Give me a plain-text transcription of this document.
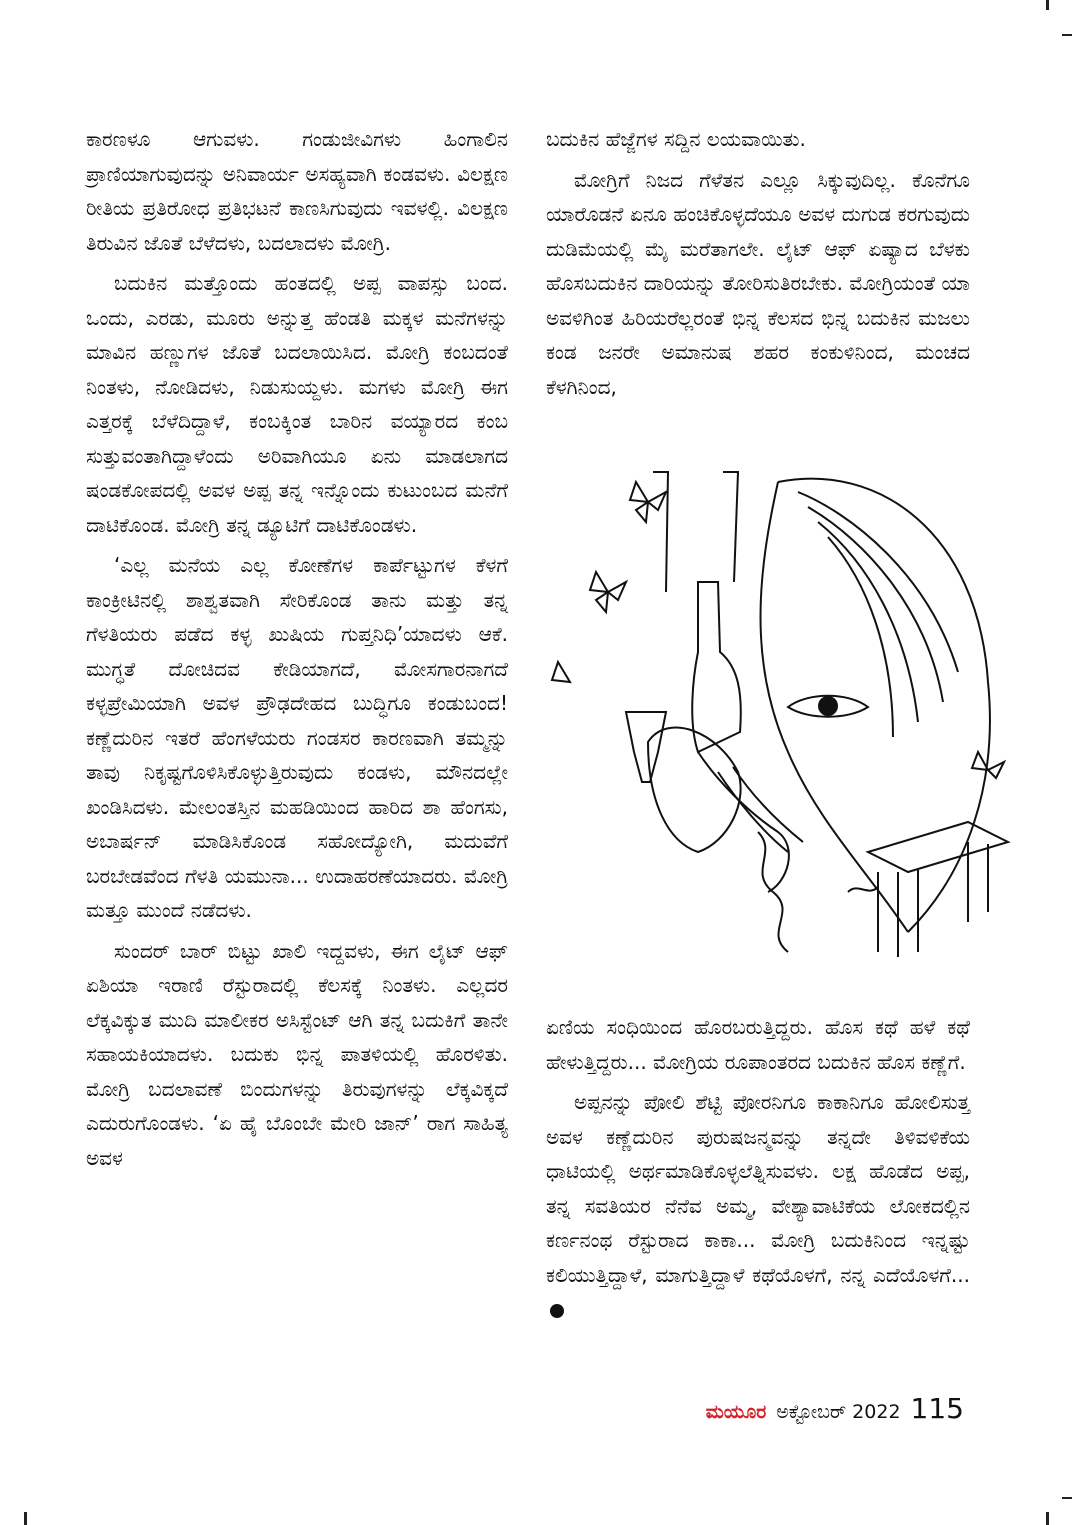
ಕಾರಣಳೂ ಆಗುವಳು. ಗಂಡುಜೀವಿಗಳು ಹಿಂಗಾಲಿನ ಪ್ರಾಣಿಯಾಗುವುದನ್ನು ಅನಿವಾರ್ಯ ಅಸಹ್ಯವಾಗಿ ಕಂಡವಳು. ವಿಲಕ್ಷಣ ರೀತಿಯ ಪ್ರತಿರೋಧ ಪ್ರತಿಭಟನೆ ಕಾಣಸಿಗುವುದು ಇವಳಲ್ಲಿ. ವಿಲಕ್ಷಣ ತಿರುವಿನ ಜೊತೆ ಬೆಳೆದಳು, ಬದಲಾದಳು ಮೋಗ್ರಿ.

ಬದುಕಿನ ಮತ್ತೊಂದು ಹಂತದಲ್ಲಿ ಅಪ್ಪ ವಾಪಸ್ಸು ಬಂದ. ಒಂದು, ಎರಡು, ಮೂರು ಅನ್ನುತ್ತ ಹೆಂಡತಿ ಮಕ್ಕಳ ಮನೆಗಳನ್ನು ಮಾವಿನ ಹಣ್ಣುಗಳ ಜೊತೆ ಬದಲಾಯಿಸಿದ. ಮೋಗ್ರಿ ಕಂಬದಂತೆ ನಿಂತಳು, ನೋಡಿದಳು, ನಿಡುಸುಯ್ದಳು. ಮಗಳು ಮೋಗ್ರಿ ಈಗ ಎತ್ತರಕ್ಕೆ ಬೆಳೆದಿದ್ದಾಳೆ, ಕಂಬಕ್ಕಿಂತ ಬಾರಿನ ವಯ್ಯಾರದ ಕಂಬ ಸುತ್ತುವಂತಾಗಿದ್ದಾಳೆಂದು ಅರಿವಾಗಿಯೂ ಏನು ಮಾಡಲಾಗದ ಷಂಡಕೋಪದಲ್ಲಿ ಅವಳ ಅಪ್ಪ ತನ್ನ ಇನ್ನೊಂದು ಕುಟುಂಬದ ಮನೆಗೆ ದಾಟಿಕೊಂಡ. ಮೋಗ್ರಿ ತನ್ನ ಡ್ಯೂಟಿಗೆ ದಾಟಿಕೊಂಡಳು.

‘ಎಲ್ಲ ಮನೆಯ ಎಲ್ಲ ಕೋಣೆಗಳ ಕಾರ್ಪೆಟ್ಟುಗಳ ಕೆಳಗೆ ಕಾಂಕ್ರೀಟಿನಲ್ಲಿ ಶಾಶ್ವತವಾಗಿ ಸೇರಿಕೊಂಡ ತಾನು ಮತ್ತು ತನ್ನ ಗೆಳತಿಯರು ಪಡೆದ ಕಳ್ಳ ಖುಷಿಯ ಗುಪ್ತನಿಧಿ’ಯಾದಳು ಆಕೆ. ಮುಗ್ಧತೆ ದೋಚಿದವ ಕೇಡಿಯಾಗದೆ, ಮೋಸಗಾರನಾಗದೆ ಕಳ್ಳಪ್ರೇಮಿಯಾಗಿ ಅವಳ ಪ್ರೌಢದೇಹದ ಬುದ್ಧಿಗೂ ಕಂಡುಬಂದ! ಕಣ್ಣೆದುರಿನ ಇತರೆ ಹೆಂಗಳೆಯರು ಗಂಡಸರ ಕಾರಣವಾಗಿ ತಮ್ಮನ್ನು ತಾವು ನಿಕೃಷ್ಟಗೊಳಿಸಿಕೊಳ್ಳುತ್ತಿರುವುದು ಕಂಡಳು, ಮೌನದಲ್ಲೇ ಖಂಡಿಸಿದಳು. ಮೇಲಂತಸ್ತಿನ ಮಹಡಿಯಿಂದ ಹಾರಿದ ಶಾ ಹೆಂಗಸು, ಅಬಾರ್ಷನ್ ಮಾಡಿಸಿಕೊಂಡ ಸಹೋದ್ಯೋಗಿ, ಮದುವೆಗೆ ಬರಬೇಡವೆಂದ ಗೆಳತಿ ಯಮುನಾ... ಉದಾಹರಣೆಯಾದರು. ಮೋಗ್ರಿ ಮತ್ತೂ ಮುಂದೆ ನಡೆದಳು.

ಸುಂದರ್ ಬಾರ್ ಬಿಟ್ಟು ಖಾಲಿ ಇದ್ದವಳು, ಈಗ ಲೈಟ್ ಆಫ್ ಏಶಿಯಾ ಇರಾಣಿ ರೆಸ್ಟುರಾದಲ್ಲಿ ಕೆಲಸಕ್ಕೆ ನಿಂತಳು. ಎಲ್ಲದರ ಲೆಕ್ಕವಿಕ್ಕುತ ಮುದಿ ಮಾಲೀಕರ ಅಸಿಸ್ಟೆಂಟ್ ಆಗಿ ತನ್ನ ಬದುಕಿಗೆ ತಾನೇ ಸಹಾಯಕಿಯಾದಳು. ಬದುಕು ಭಿನ್ನ ಪಾತಳಿಯಲ್ಲಿ ಹೊರಳಿತು. ಮೋಗ್ರಿ ಬದಲಾವಣೆ ಬಿಂದುಗಳನ್ನು ತಿರುವುಗಳನ್ನು ಲೆಕ್ಕವಿಕ್ಕದೆ ಎದುರುಗೊಂಡಳು. ‘ಏ ಹೈ ಬೊಂಬೇ ಮೇರಿ ಜಾನ್’ ರಾಗ ಸಾಹಿತ್ಯ ಅವಳ

ಬದುಕಿನ ಹೆಜ್ಜೆಗಳ ಸದ್ದಿನ ಲಯವಾಯಿತು.

ಮೋಗ್ರಿಗೆ ನಿಜದ ಗೆಳೆತನ ಎಲ್ಲೂ ಸಿಕ್ಕುವುದಿಲ್ಲ. ಕೊನೆಗೂ ಯಾರೊಡನೆ ಏನೂ ಹಂಚಿಕೊಳ್ಳದೆಯೂ ಅವಳ ದುಗುಡ ಕರಗುವುದು ದುಡಿಮೆಯಲ್ಲಿ ಮೈ ಮರೆತಾಗಲೇ. ಲೈಟ್ ಆಫ್ ಏಷ್ಯಾದ ಬೆಳಕು ಹೊಸಬದುಕಿನ ದಾರಿಯನ್ನು ತೋರಿಸುತಿರಬೇಕು. ಮೋಗ್ರಿಯಂತೆ ಯಾ ಅವಳಿಗಿಂತ ಹಿರಿಯರೆಲ್ಲರಂತೆ ಭಿನ್ನ ಕೆಲಸದ ಭಿನ್ನ ಬದುಕಿನ ಮಜಲು ಕಂಡ ಜನರೇ ಅಮಾನುಷ ಶಹರ ಕಂಕುಳಿನಿಂದ, ಮಂಚದ ಕೆಳಗಿನಿಂದ,

ಏಣಿಯ ಸಂಧಿಯಿಂದ ಹೊರಬರುತ್ತಿದ್ದರು. ಹೊಸ ಕಥೆ ಹಳೆ ಕಥೆ ಹೇಳುತ್ತಿದ್ದರು... ಮೋಗ್ರಿಯ ರೂಪಾಂತರದ ಬದುಕಿನ ಹೊಸ ಕಣ್ಣೆಗೆ.

ಅಪ್ಪನನ್ನು ಪೋಲಿ ಶೆಟ್ಟಿ ಪೋರನಿಗೂ ಕಾಕಾನಿಗೂ ಹೋಲಿಸುತ್ತ ಅವಳ ಕಣ್ಣೆದುರಿನ ಪುರುಷಜನ್ಮವನ್ನು ತನ್ನದೇ ತಿಳಿವಳಿಕೆಯ ಧಾಟಿಯಲ್ಲಿ ಅರ್ಥಮಾಡಿಕೊಳ್ಳಲೆತ್ನಿಸುವಳು. ಲಕ್ಷ ಹೊಡೆದ ಅಪ್ಪ, ತನ್ನ ಸವತಿಯರ ನೆನೆವ ಅಮ್ಮ, ವೇಶ್ಯಾವಾಟಿಕೆಯ ಲೋಕದಲ್ಲಿನ ಕರ್ಣನಂಥ ರೆಸ್ಟುರಾದ ಕಾಕಾ... ಮೋಗ್ರಿ ಬದುಕಿನಿಂದ ಇನ್ನಷ್ಟು ಕಲಿಯುತ್ತಿದ್ದಾಳೆ, ಮಾಗುತ್ತಿದ್ದಾಳೆ ಕಥೆಯೊಳಗೆ, ನನ್ನ ಎದೆಯೊಳಗೆ...

ಮಯೂರ ಅಕ್ಟೋಬರ್ 2022 115
